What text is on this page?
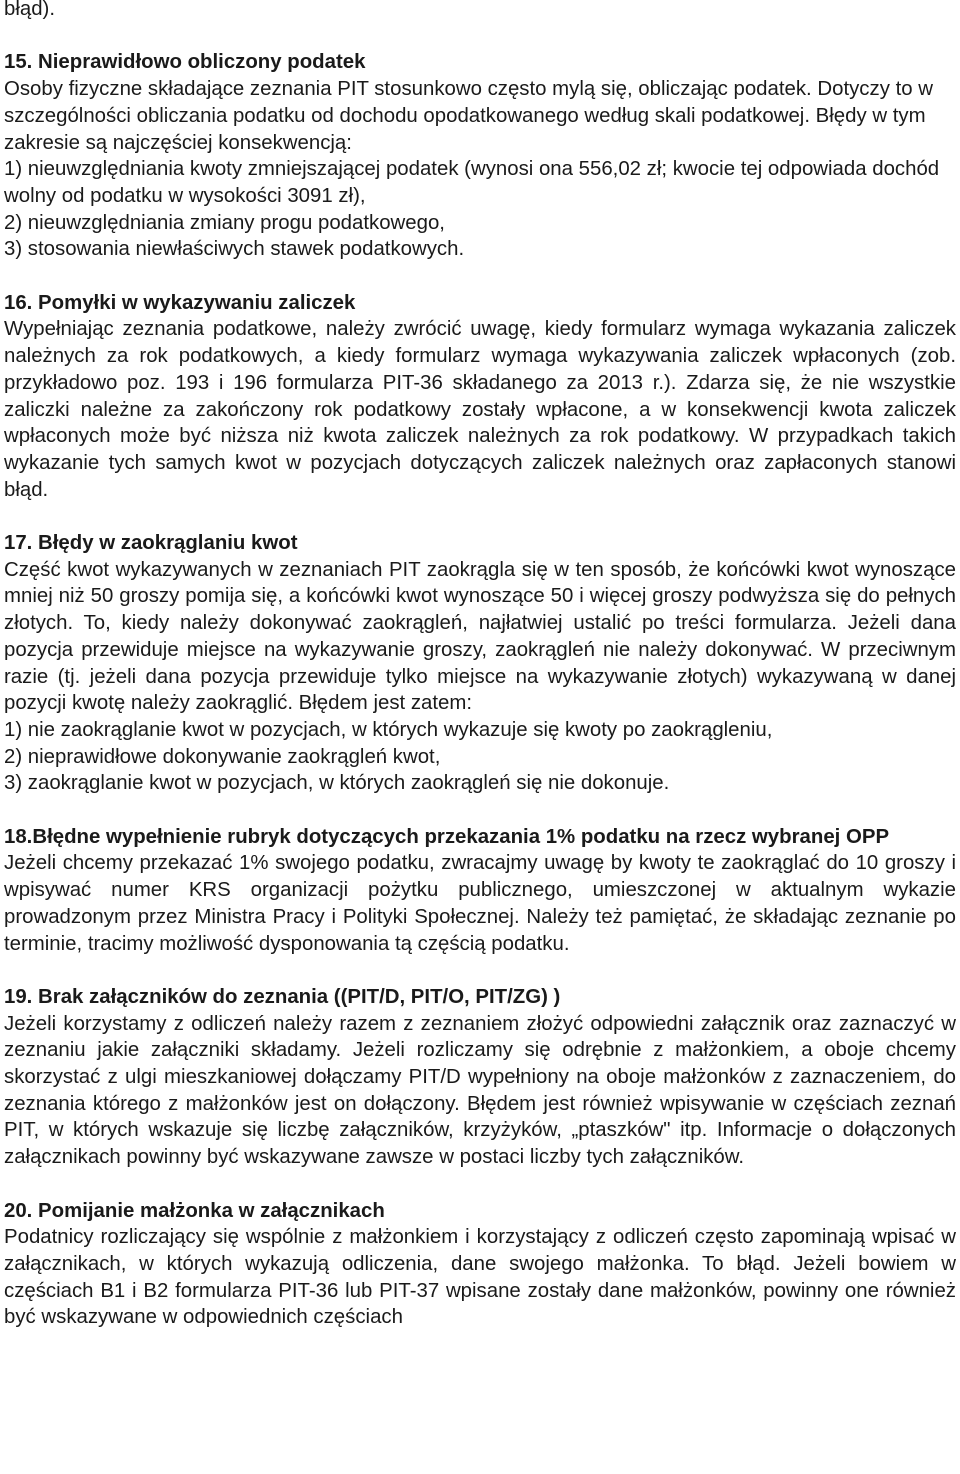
błąd).

15. Nieprawidłowo obliczony podatek

Osoby fizyczne składające zeznania PIT stosunkowo często mylą się, obliczając podatek. Dotyczy to w szczególności obliczania podatku od dochodu opodatkowanego według skali podatkowej. Błędy w tym zakresie są najczęściej konsekwencją:

1) nieuwzględniania kwoty zmniejszającej podatek (wynosi ona 556,02 zł; kwocie tej odpowiada dochód wolny od podatku w wysokości 3091 zł),

2) nieuwzględniania zmiany progu podatkowego,

3) stosowania niewłaściwych stawek podatkowych.

16. Pomyłki w wykazywaniu zaliczek

Wypełniając zeznania podatkowe, należy zwrócić uwagę, kiedy formularz wymaga wykazania zaliczek należnych za rok podatkowych, a kiedy formularz wymaga wykazywania zaliczek wpłaconych (zob. przykładowo poz. 193 i 196 formularza PIT-36 składanego za 2013 r.). Zdarza się, że nie wszystkie zaliczki należne za zakończony rok podatkowy zostały wpłacone, a w konsekwencji kwota zaliczek wpłaconych może być niższa niż kwota zaliczek należnych za rok podatkowy. W przypadkach takich wykazanie tych samych kwot w pozycjach dotyczących zaliczek należnych oraz zapłaconych stanowi błąd.

17. Błędy w zaokrąglaniu kwot

Część kwot wykazywanych w zeznaniach PIT zaokrągla się w ten sposób, że końcówki kwot wynoszące mniej niż 50 groszy pomija się, a końcówki kwot wynoszące 50 i więcej groszy podwyższa się do pełnych złotych. To, kiedy należy dokonywać zaokrągleń, najłatwiej ustalić po treści formularza. Jeżeli dana pozycja przewiduje miejsce na wykazywanie groszy, zaokrągleń nie należy dokonywać. W przeciwnym razie (tj. jeżeli dana pozycja przewiduje tylko miejsce na wykazywanie złotych) wykazywaną w danej pozycji kwotę należy zaokrąglić. Błędem jest zatem:

1) nie zaokrąglanie kwot w pozycjach, w których wykazuje się kwoty po zaokrągleniu,

2) nieprawidłowe dokonywanie zaokrągleń kwot,

3) zaokrąglanie kwot w pozycjach, w których zaokrągleń się nie dokonuje.

18.Błędne wypełnienie rubryk dotyczących przekazania 1% podatku na rzecz wybranej OPP

Jeżeli chcemy przekazać 1% swojego podatku, zwracajmy uwagę by kwoty te zaokrąglać do 10 groszy i wpisywać numer KRS organizacji pożytku publicznego, umieszczonej w aktualnym wykazie prowadzonym przez Ministra Pracy i Polityki Społecznej. Należy też pamiętać, że składając zeznanie po terminie, tracimy możliwość dysponowania tą częścią podatku.

19. Brak załączników do zeznania ((PIT/D, PIT/O, PIT/ZG) )

Jeżeli korzystamy z odliczeń należy razem z zeznaniem złożyć odpowiedni załącznik oraz zaznaczyć w zeznaniu jakie załączniki składamy. Jeżeli rozliczamy się odrębnie z małżonkiem, a oboje chcemy skorzystać z ulgi mieszkaniowej dołączamy PIT/D wypełniony na oboje małżonków z zaznaczeniem, do zeznania którego z małżonków jest on dołączony. Błędem jest również wpisywanie w częściach zeznań PIT, w których wskazuje się liczbę załączników, krzyżyków, „ptaszków" itp. Informacje o dołączonych załącznikach powinny być wskazywane zawsze w postaci liczby tych załączników.

20. Pomijanie małżonka w załącznikach

Podatnicy rozliczający się wspólnie z małżonkiem i korzystający z odliczeń często zapominają wpisać w załącznikach, w których wykazują odliczenia, dane swojego małżonka. To błąd. Jeżeli bowiem w częściach B1 i B2 formularza PIT-36 lub PIT-37 wpisane zostały dane małżonków, powinny one również być wskazywane w odpowiednich częściach
